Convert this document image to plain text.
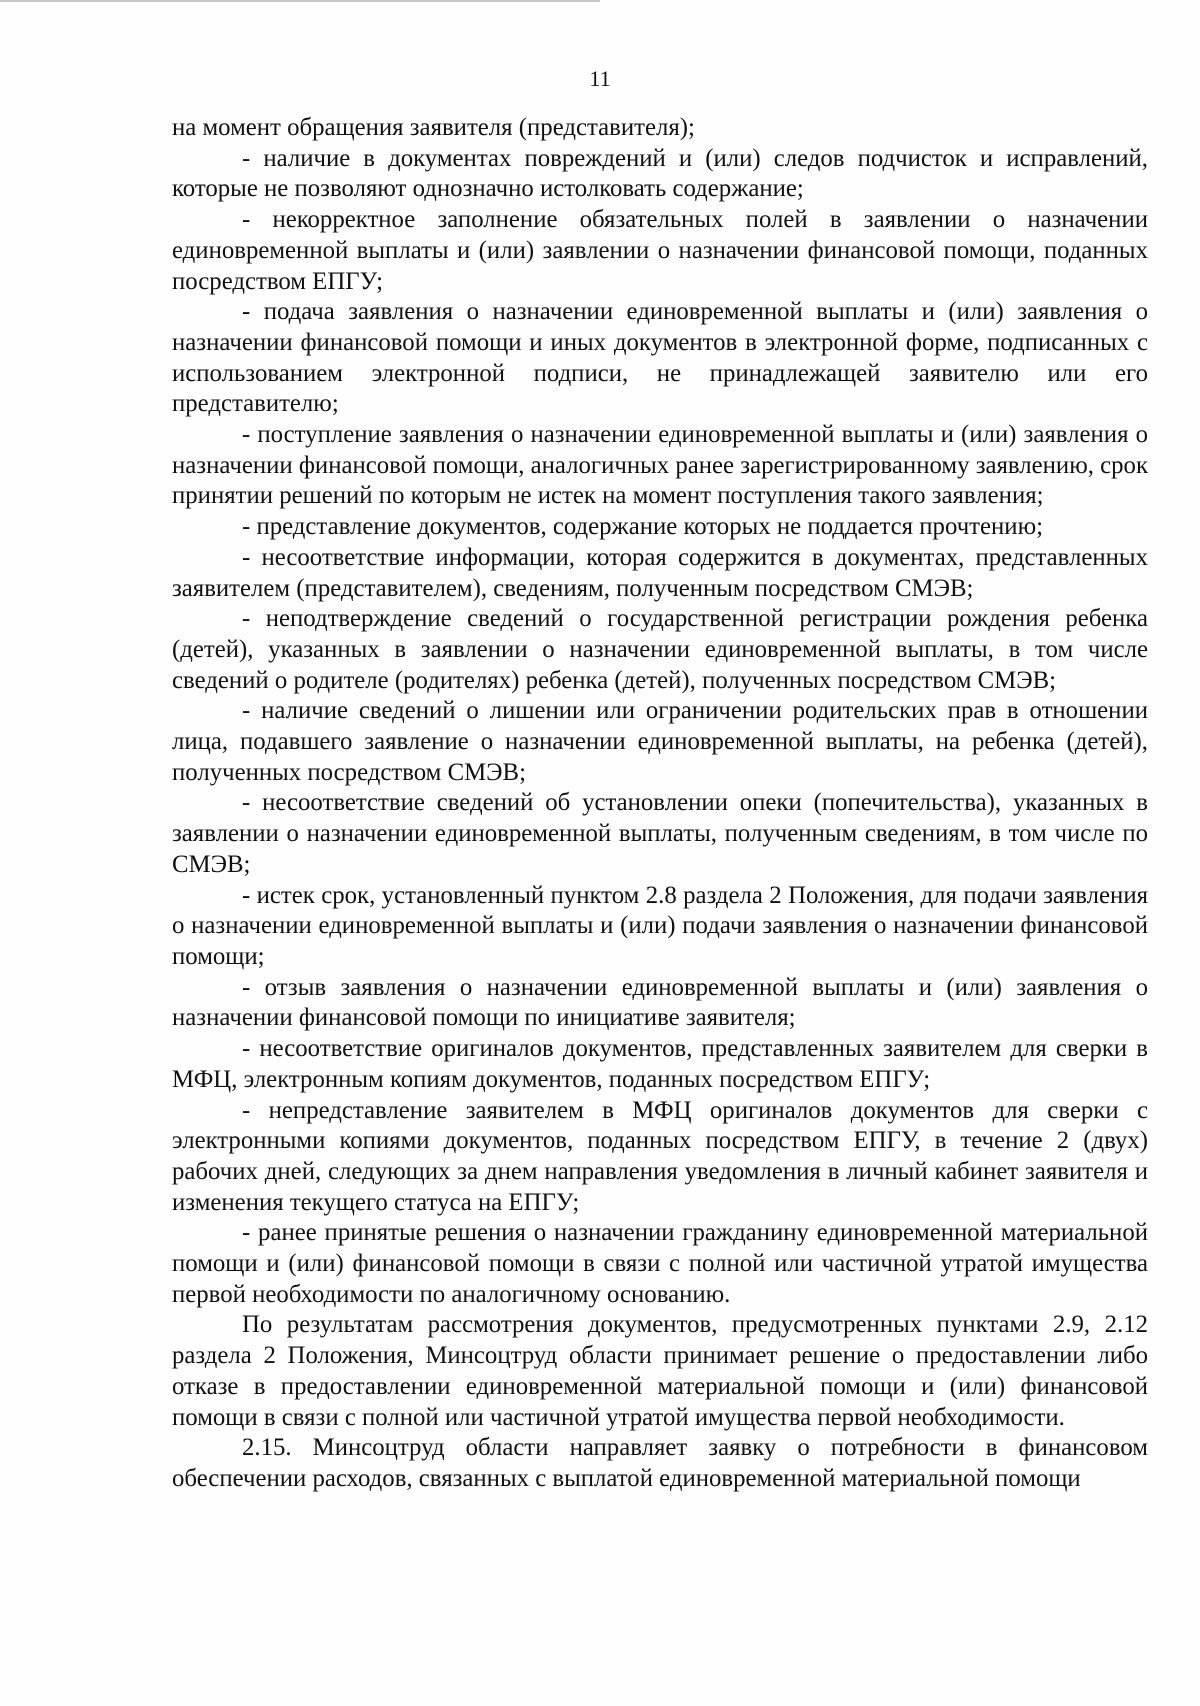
11

на момент обращения заявителя (представителя);

- наличие в документах повреждений и (или) следов подчисток и исправлений, которые не позволяют однозначно истолковать содержание;

- некорректное заполнение обязательных полей в заявлении о назначении единовременной выплаты и (или) заявлении о назначении финансовой помощи, поданных посредством ЕПГУ;

- подача заявления о назначении единовременной выплаты и (или) заявления о назначении финансовой помощи и иных документов в электронной форме, подписанных с использованием электронной подписи, не принадлежащей заявителю или его представителю;

- поступление заявления о назначении единовременной выплаты и (или) заявления о назначении финансовой помощи, аналогичных ранее зарегистрированному заявлению, срок принятии решений по которым не истек на момент поступления такого заявления;

- представление документов, содержание которых не поддается прочтению;

- несоответствие информации, которая содержится в документах, представленных заявителем (представителем), сведениям, полученным посредством СМЭВ;

- неподтверждение сведений о государственной регистрации рождения ребенка (детей), указанных в заявлении о назначении единовременной выплаты, в том числе сведений о родителе (родителях) ребенка (детей), полученных посредством СМЭВ;

- наличие сведений о лишении или ограничении родительских прав в отношении лица, подавшего заявление о назначении единовременной выплаты, на ребенка (детей), полученных посредством СМЭВ;

- несоответствие сведений об установлении опеки (попечительства), указанных в заявлении о назначении единовременной выплаты, полученным сведениям, в том числе по СМЭВ;

- истек срок, установленный пунктом 2.8 раздела 2 Положения, для подачи заявления о назначении единовременной выплаты и (или) подачи заявления о назначении финансовой помощи;

- отзыв заявления о назначении единовременной выплаты и (или) заявления о назначении финансовой помощи по инициативе заявителя;

- несоответствие оригиналов документов, представленных заявителем для сверки в МФЦ, электронным копиям документов, поданных посредством ЕПГУ;

- непредставление заявителем в МФЦ оригиналов документов для сверки с электронными копиями документов, поданных посредством ЕПГУ, в течение 2 (двух) рабочих дней, следующих за днем направления уведомления в личный кабинет заявителя и изменения текущего статуса на ЕПГУ;

- ранее принятые решения о назначении гражданину единовременной материальной помощи и (или) финансовой помощи в связи с полной или частичной утратой имущества первой необходимости по аналогичному основанию.

По результатам рассмотрения документов, предусмотренных пунктами 2.9, 2.12 раздела 2 Положения, Минсоцтруд области принимает решение о предоставлении либо отказе в предоставлении единовременной материальной помощи и (или) финансовой помощи в связи с полной или частичной утратой имущества первой необходимости.

2.15. Минсоцтруд области направляет заявку о потребности в финансовом обеспечении расходов, связанных с выплатой единовременной материальной помощи
